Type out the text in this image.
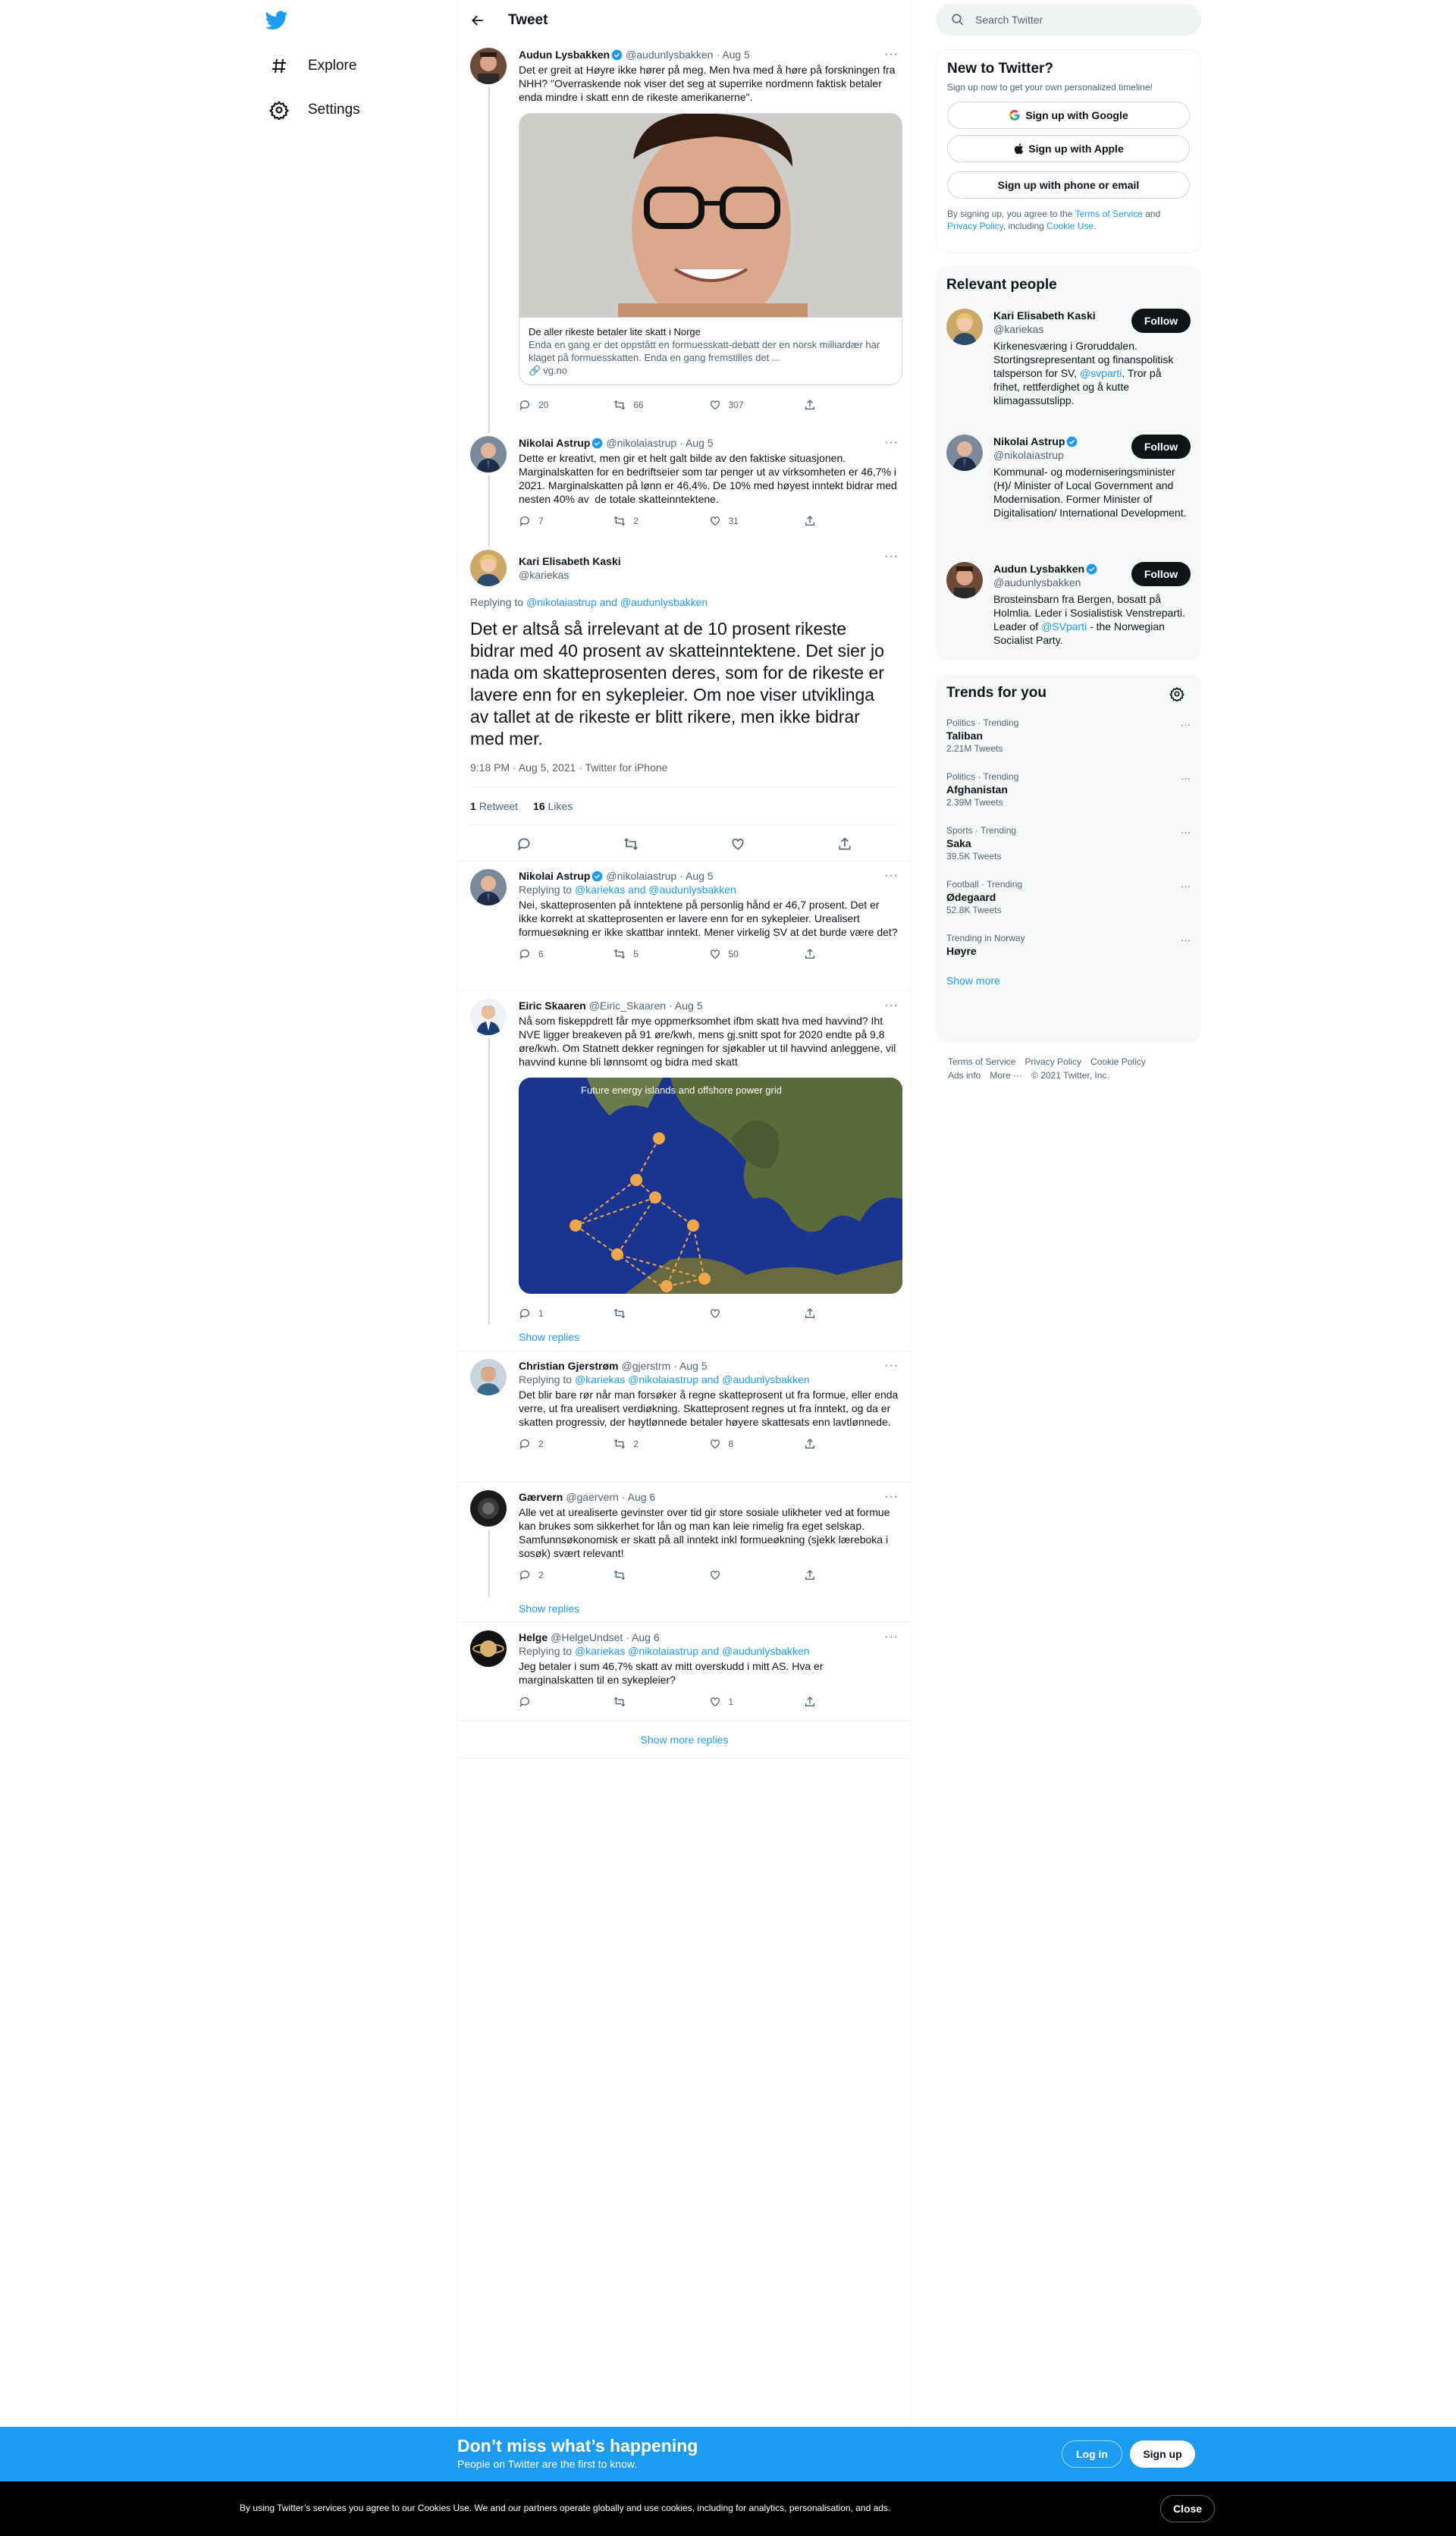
Explore
Settings
Tweet
···
Audun Lysbakken @audunlysbakken · Aug 5
Det er greit at Høyre ikke hører på meg. Men hva med å høre på forskningen fra NHH? "Overraskende nok viser det seg at superrike nordmenn faktisk betaler enda mindre i skatt enn de rikeste amerikanerne".
De aller rikeste betaler lite skatt i Norge
Enda en gang er det oppstått en formuesskatt-debatt der en norsk milliardær har klaget på formuesskatten. Enda en gang fremstilles det ...
🔗 vg.no
20	66	307
···
Nikolai Astrup @nikolaiastrup · Aug 5
Dette er kreativt, men gir et helt galt bilde av den faktiske situasjonen. Marginalskatten for en bedriftseier som tar penger ut av virksomheten er 46,7% i 2021. Marginalskatten på lønn er 46,4%. De 10% med høyest inntekt bidrar med nesten 40% av  de totale skatteinntektene.
7	2	31
···
Kari Elisabeth Kaski
@kariekas
Replying to @nikolaiastrup and @audunlysbakken
Det er altså så irrelevant at de 10 prosent rikeste bidrar med 40 prosent av skatteinntektene. Det sier jo nada om skatteprosenten deres, som for de rikeste er lavere enn for en sykepleier. Om noe viser utviklinga av tallet at de rikeste er blitt rikere, men ikke bidrar med mer.
9:18 PM · Aug 5, 2021 · Twitter for iPhone
1 Retweet 16 Likes
···
Nikolai Astrup @nikolaiastrup · Aug 5
Replying to @kariekas and @audunlysbakken
Nei, skatteprosenten på inntektene på personlig hånd er 46,7 prosent. Det er ikke korrekt at skatteprosenten er lavere enn for en sykepleier. Urealisert formuesøkning er ikke skattbar inntekt. Mener virkelig SV at det burde være det?
6	5	50
···
Eiric Skaaren @Eiric_Skaaren · Aug 5
Nå som fiskeppdrett får mye oppmerksomhet ifbm skatt hva med havvind? Iht NVE ligger breakeven på 91 øre/kwh, mens gj.snitt spot for 2020 endte på 9,8 øre/kwh. Om Statnett dekker regningen for sjøkabler ut til havvind anleggene, vil havvind kunne bli lønnsomt og bidra med skatt
Future energy islands and offshore power grid
1
Show replies
···
Christian Gjerstrøm @gjerstrm · Aug 5
Replying to @kariekas @nikolaiastrup and @audunlysbakken
Det blir bare rør når man forsøker å regne skatteprosent ut fra formue, eller enda verre, ut fra urealisert verdiøkning. Skatteprosent regnes ut fra inntekt, og da er skatten progressiv, der høytlønnede betaler høyere skattesats enn lavtlønnede.
2	2	8
···
Gærvern @gaervern · Aug 6
Alle vet at urealiserte gevinster over tid gir store sosiale ulikheter ved at formue kan brukes som sikkerhet for lån og man kan leie rimelig fra eget selskap. Samfunnsøkonomisk er skatt på all inntekt inkl formueøkning (sjekk læreboka i sosøk) svært relevant!
2
Show replies
···
Helge @HelgeUndset · Aug 6
Replying to @kariekas @nikolaiastrup and @audunlysbakken
Jeg betaler i sum 46,7% skatt av mitt overskudd i mitt AS. Hva er marginalskatten til en sykepleier?
1
Show more replies
Search Twitter
New to Twitter?
Sign up now to get your own personalized timeline!
Sign up with Google
Sign up with Apple
Sign up with phone or email
By signing up, you agree to the Terms of Service and Privacy Policy, including Cookie Use.
Relevant people
Kari Elisabeth Kaski
@kariekas
Follow
Kirkenesværing i Groruddalen. Stortingsrepresentant og finanspolitisk talsperson for SV, @svparti. Tror på frihet, rettferdighet og å kutte klimagassutslipp.
Nikolai Astrup
@nikolaiastrup
Follow
Kommunal- og moderniseringsminister (H)/ Minister of Local Government and Modernisation. Former Minister of Digitalisation/ International Development.
Audun Lysbakken
@audunlysbakken
Follow
Brosteinsbarn fra Bergen, bosatt på Holmlia. Leder i Sosialistisk Venstreparti. Leader of @SVparti - the Norwegian Socialist Party.
Trends for you
Politics · Trending
Taliban
2.21M Tweets
···
Politics · Trending
Afghanistan
2.39M Tweets
···
Sports · Trending
Saka
39.5K Tweets
···
Football · Trending
Ødegaard
52.8K Tweets
···
Trending in Norway
Høyre
···
Show more
Terms of Service Privacy Policy Cookie Policy
Ads info More ··· © 2021 Twitter, Inc.
Don’t miss what’s happening
People on Twitter are the first to know.
Log in	Sign up
By using Twitter’s services you agree to our Cookies Use. We and our partners operate globally and use cookies, including for analytics, personalisation, and ads.	Close
